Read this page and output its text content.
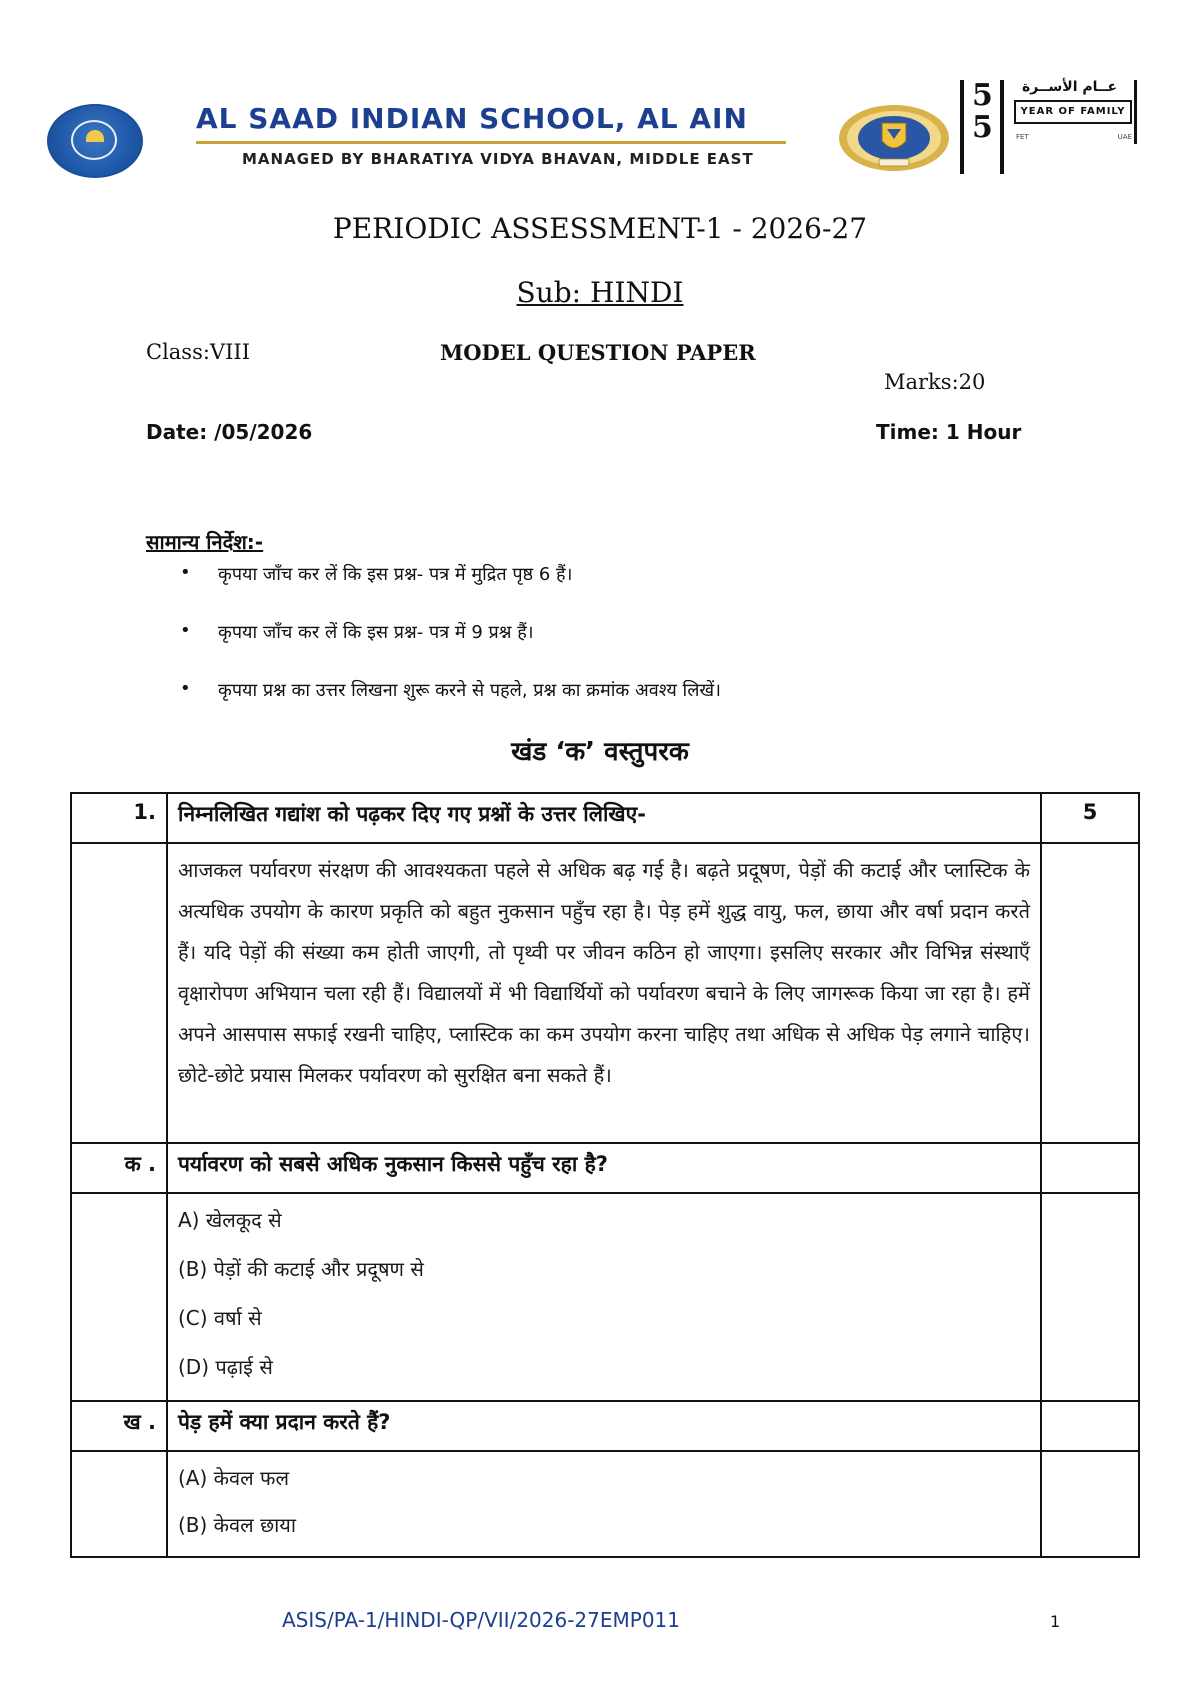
AL SAAD INDIAN SCHOOL, AL AIN
MANAGED BY BHARATIYA VIDYA BHAVAN, MIDDLE EAST
5
5
عــام الأســرة
YEAR OF FAMILY
FET	UAE
PERIODIC ASSESSMENT-1 - 2026-27
Sub: HINDI
Class:VIII	MODEL QUESTION PAPER
Marks:20
Date: /05/2026	Time: 1 Hour
सामान्य निर्देश:-
• कृपया जाँच कर लें कि इस प्रश्न- पत्र में मुद्रित पृष्ठ 6 हैं।
• कृपया जाँच कर लें कि इस प्रश्न- पत्र में 9 प्रश्न हैं।
• कृपया प्रश्न का उत्तर लिखना शुरू करने से पहले, प्रश्न का क्रमांक अवश्य लिखें।
खंड ‘क’ वस्तुपरक
1.	निम्नलिखित गद्यांश को पढ़कर दिए गए प्रश्नों के उत्तर लिखिए-	5
	आजकल पर्यावरण संरक्षण की आवश्यकता पहले से अधिक बढ़ गई है। बढ़ते प्रदूषण, पेड़ों की कटाई और प्लास्टिक के अत्यधिक उपयोग के कारण प्रकृति को बहुत नुकसान पहुँच रहा है। पेड़ हमें शुद्ध वायु, फल, छाया और वर्षा प्रदान करते हैं। यदि पेड़ों की संख्या कम होती जाएगी, तो पृथ्वी पर जीवन कठिन हो जाएगा। इसलिए सरकार और विभिन्न संस्थाएँ वृक्षारोपण अभियान चला रही हैं। विद्यालयों में भी विद्यार्थियों को पर्यावरण बचाने के लिए जागरूक किया जा रहा है। हमें अपने आसपास सफाई रखनी चाहिए, प्लास्टिक का कम उपयोग करना चाहिए तथा अधिक से अधिक पेड़ लगाने चाहिए। छोटे-छोटे प्रयास मिलकर पर्यावरण को सुरक्षित बना सकते हैं।	
क .	पर्यावरण को सबसे अधिक नुकसान किससे पहुँच रहा है?	

	A) खेलकूद से
(B) पेड़ों की कटाई और प्रदूषण से
(C) वर्षा से
(D) पढ़ाई से	

ख .	पेड़ हमें क्या प्रदान करते हैं?	

	(A) केवल फल
(B) केवल छाया	

ASIS/PA-1/HINDI-QP/VII/2026-27EMP011	1
